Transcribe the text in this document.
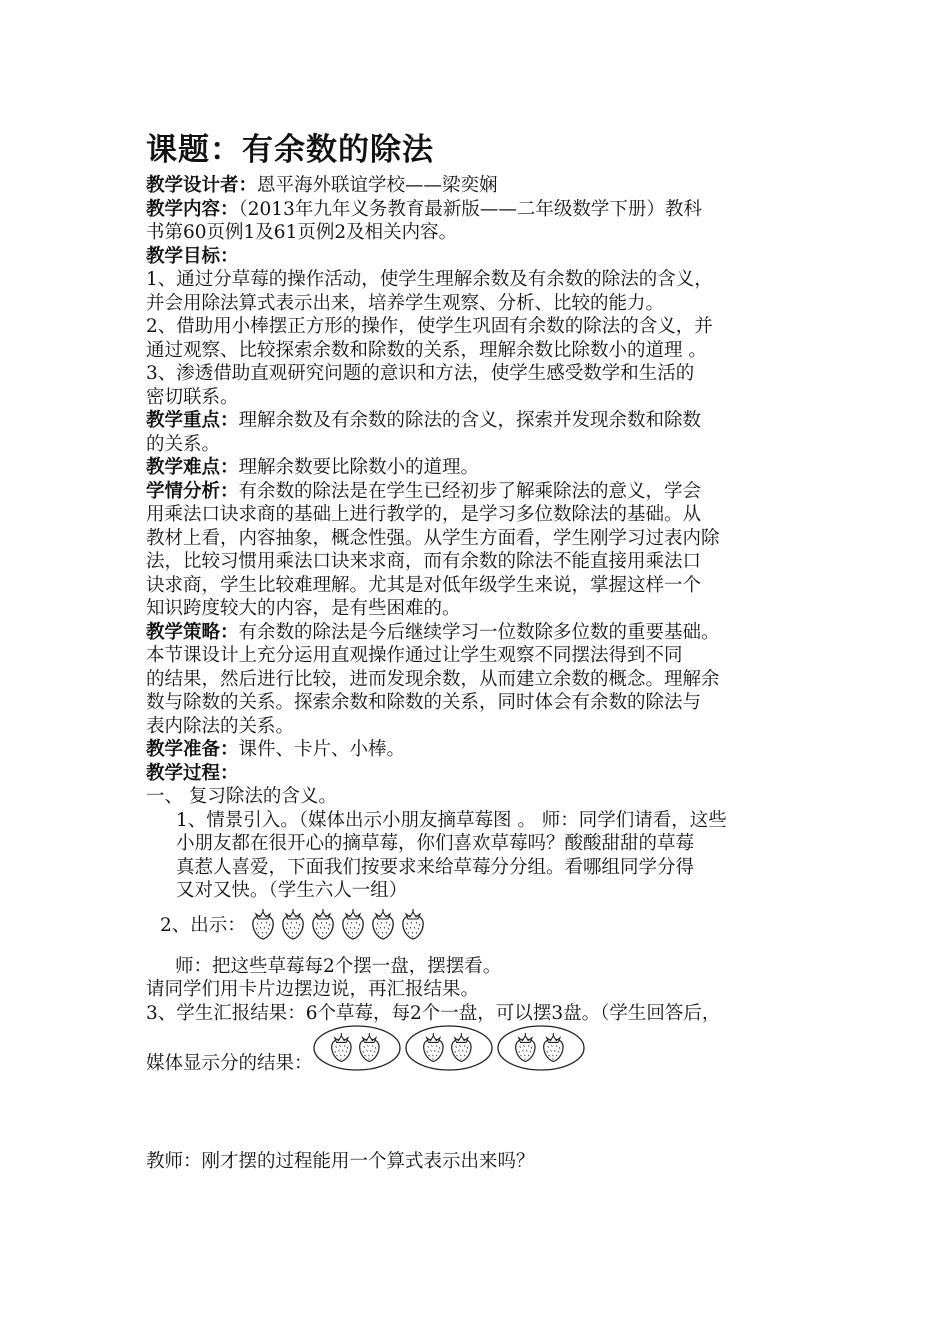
课题：有余数的除法

教学设计者：恩平海外联谊学校——梁奕娴

教学内容：（2013年九年义务教育最新版——二年级数学下册）教科

书第60页例1及61页例2及相关内容。

教学目标：

1、通过分草莓的操作活动，使学生理解余数及有余数的除法的含义，

并会用除法算式表示出来，培养学生观察、分析、比较的能力。

2、借助用小棒摆正方形的操作，使学生巩固有余数的除法的含义，并

通过观察、比较探索余数和除数的关系，理解余数比除数小的道理 。

3、渗透借助直观研究问题的意识和方法，使学生感受数学和生活的

密切联系。

教学重点：理解余数及有余数的除法的含义，探索并发现余数和除数

的关系。

教学难点：理解余数要比除数小的道理。

学情分析：有余数的除法是在学生已经初步了解乘除法的意义，学会

用乘法口诀求商的基础上进行教学的，是学习多位数除法的基础。从

教材上看，内容抽象，概念性强。从学生方面看，学生刚学习过表内除

法，比较习惯用乘法口诀来求商，而有余数的除法不能直接用乘法口

诀求商，学生比较难理解。尤其是对低年级学生来说，掌握这样一个

知识跨度较大的内容，是有些困难的。

教学策略：有余数的除法是今后继续学习一位数除多位数的重要基础。

本节课设计上充分运用直观操作通过让学生观察不同摆法得到不同

的结果，然后进行比较，进而发现余数，从而建立余数的概念。理解余

数与除数的关系。探索余数和除数的关系，同时体会有余数的除法与

表内除法的关系。

教学准备：课件、卡片、小棒。

教学过程：

一、 复习除法的含义。

1、情景引入。（媒体出示小朋友摘草莓图 。 师：同学们请看，这些

小朋友都在很开心的摘草莓，你们喜欢草莓吗？酸酸甜甜的草莓

真惹人喜爱，下面我们按要求来给草莓分分组。看哪组同学分得

又对又快。（学生六人一组）

2、出示：

师：把这些草莓每2个摆一盘，摆摆看。

请同学们用卡片边摆边说，再汇报结果。

3、学生汇报结果：6个草莓，每2个一盘，可以摆3盘。（学生回答后，

媒体显示分的结果：

教师：刚才摆的过程能用一个算式表示出来吗？
